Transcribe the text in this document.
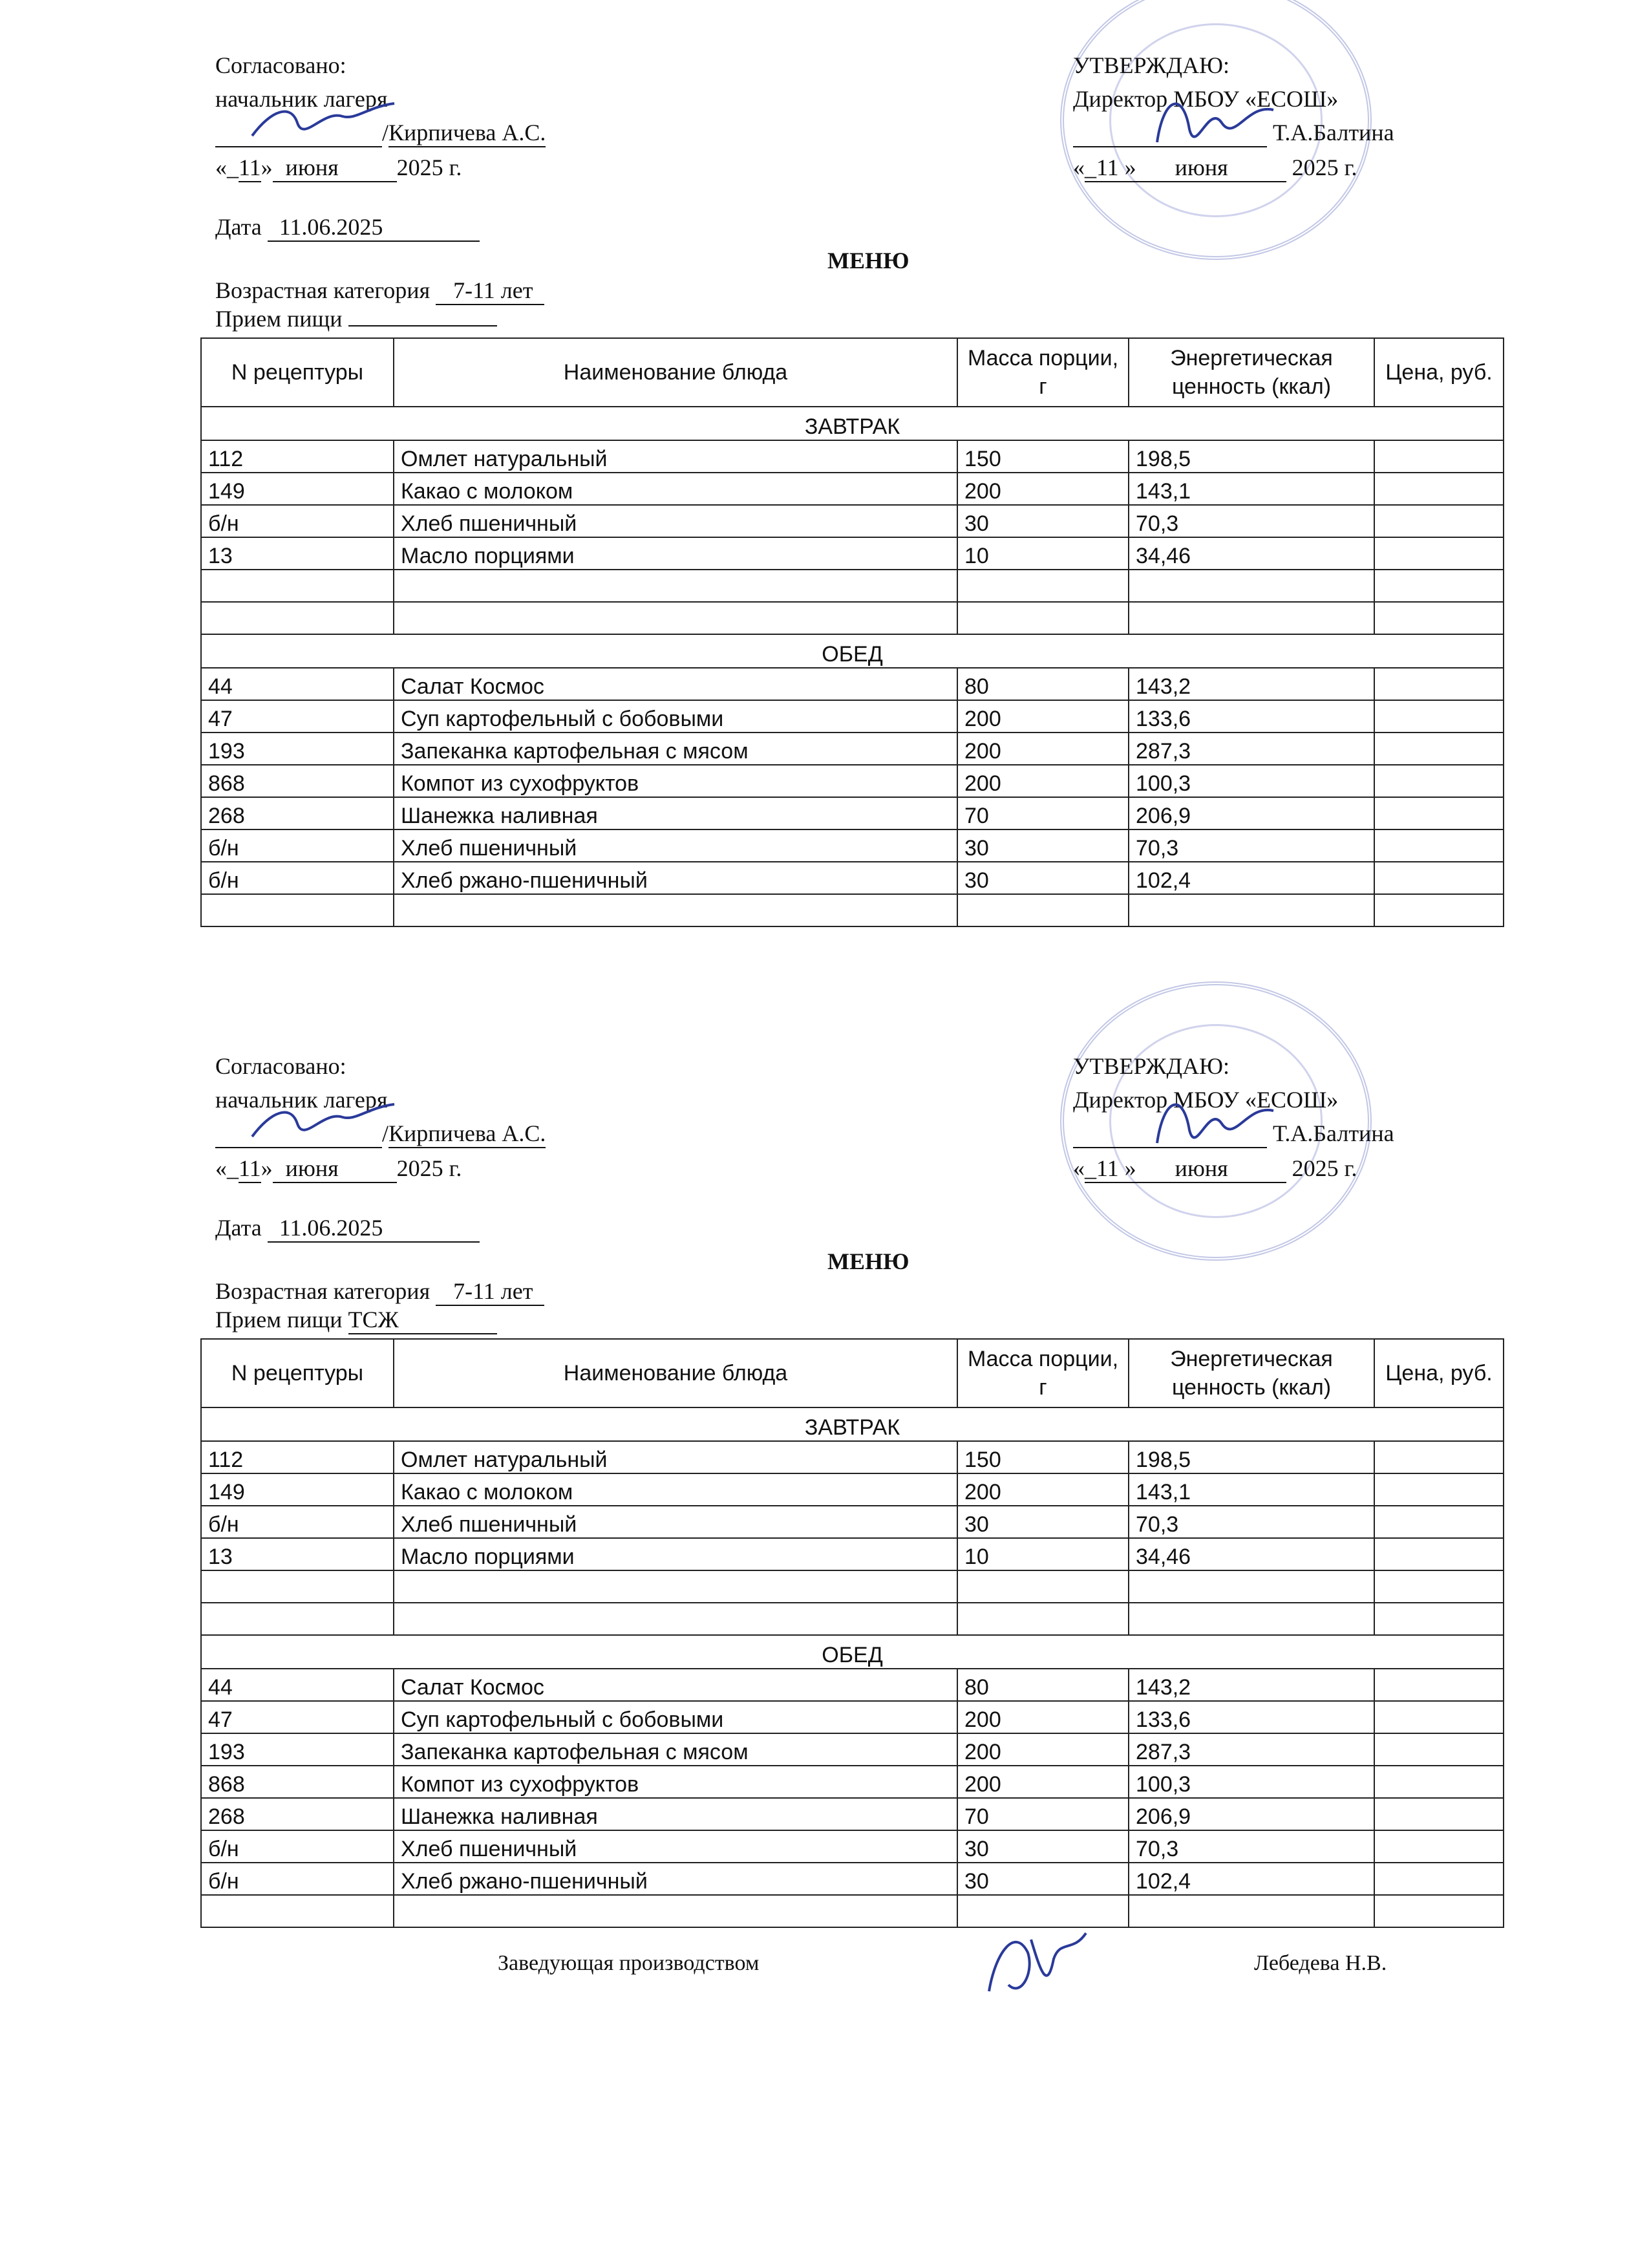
Согласовано:
начальник лагеря
/Кирпичева А.С.
«_11» июня	2025 г.
УТВЕРЖДАЮ:
Директор МБОУ «ЕСОШ»
Т.А.Балтина
«_11 » июня	2025 г.
Дата 11.06.2025
МЕНЮ
Возрастная категория 7-11 лет
Прием пищи
N рецептуры	Наименование блюда	Масса порции, г	Энергетическая ценность (ккал)	Цена, руб.
ЗАВТРАК				
112	Омлет натуральный	150	198,5	
149	Какао с молоком	200	143,1	
б/н	Хлеб пшеничный	30	70,3	
13	Масло порциями	10	34,46	

ОБЕД				
44	Салат Космос	80	143,2	
47	Суп картофельный с бобовыми	200	133,6	
193	Запеканка картофельная с мясом	200	287,3	
868	Компот из сухофруктов	200	100,3	
268	Шанежка наливная	70	206,9	
б/н	Хлеб пшеничный	30	70,3	
б/н	Хлеб ржано-пшеничный	30	102,4	

Согласовано:
начальник лагеря
/Кирпичева А.С.
«_11» июня	2025 г.
УТВЕРЖДАЮ:
Директор МБОУ «ЕСОШ»
Т.А.Балтина
«_11 » июня	2025 г.
Дата 11.06.2025
МЕНЮ
Возрастная категория 7-11 лет
Прием пищи ТСЖ
N рецептуры	Наименование блюда	Масса порции, г	Энергетическая ценность (ккал)	Цена, руб.
ЗАВТРАК				
112	Омлет натуральный	150	198,5	
149	Какао с молоком	200	143,1	
б/н	Хлеб пшеничный	30	70,3	
13	Масло порциями	10	34,46	

ОБЕД				
44	Салат Космос	80	143,2	
47	Суп картофельный с бобовыми	200	133,6	
193	Запеканка картофельная с мясом	200	287,3	
868	Компот из сухофруктов	200	100,3	
268	Шанежка наливная	70	206,9	
б/н	Хлеб пшеничный	30	70,3	
б/н	Хлеб ржано-пшеничный	30	102,4	

Заведующая производством	Лебедева Н.В.
